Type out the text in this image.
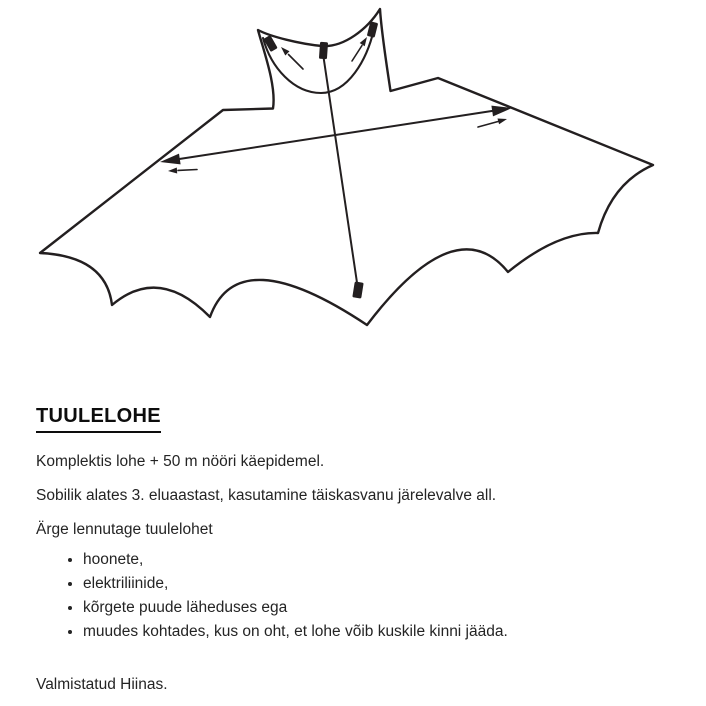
TUULELOHE

Komplektis lohe + 50 m nööri käepidemel.

Sobilik alates 3. eluaastast, kasutamine täiskasvanu järelevalve all.

Ärge lennutage tuulelohet

• hoonete,
• elektriliinide,
• kõrgete puude läheduses ega
• muudes kohtades, kus on oht, et lohe võib kuskile kinni jääda.

Valmistatud Hiinas.
